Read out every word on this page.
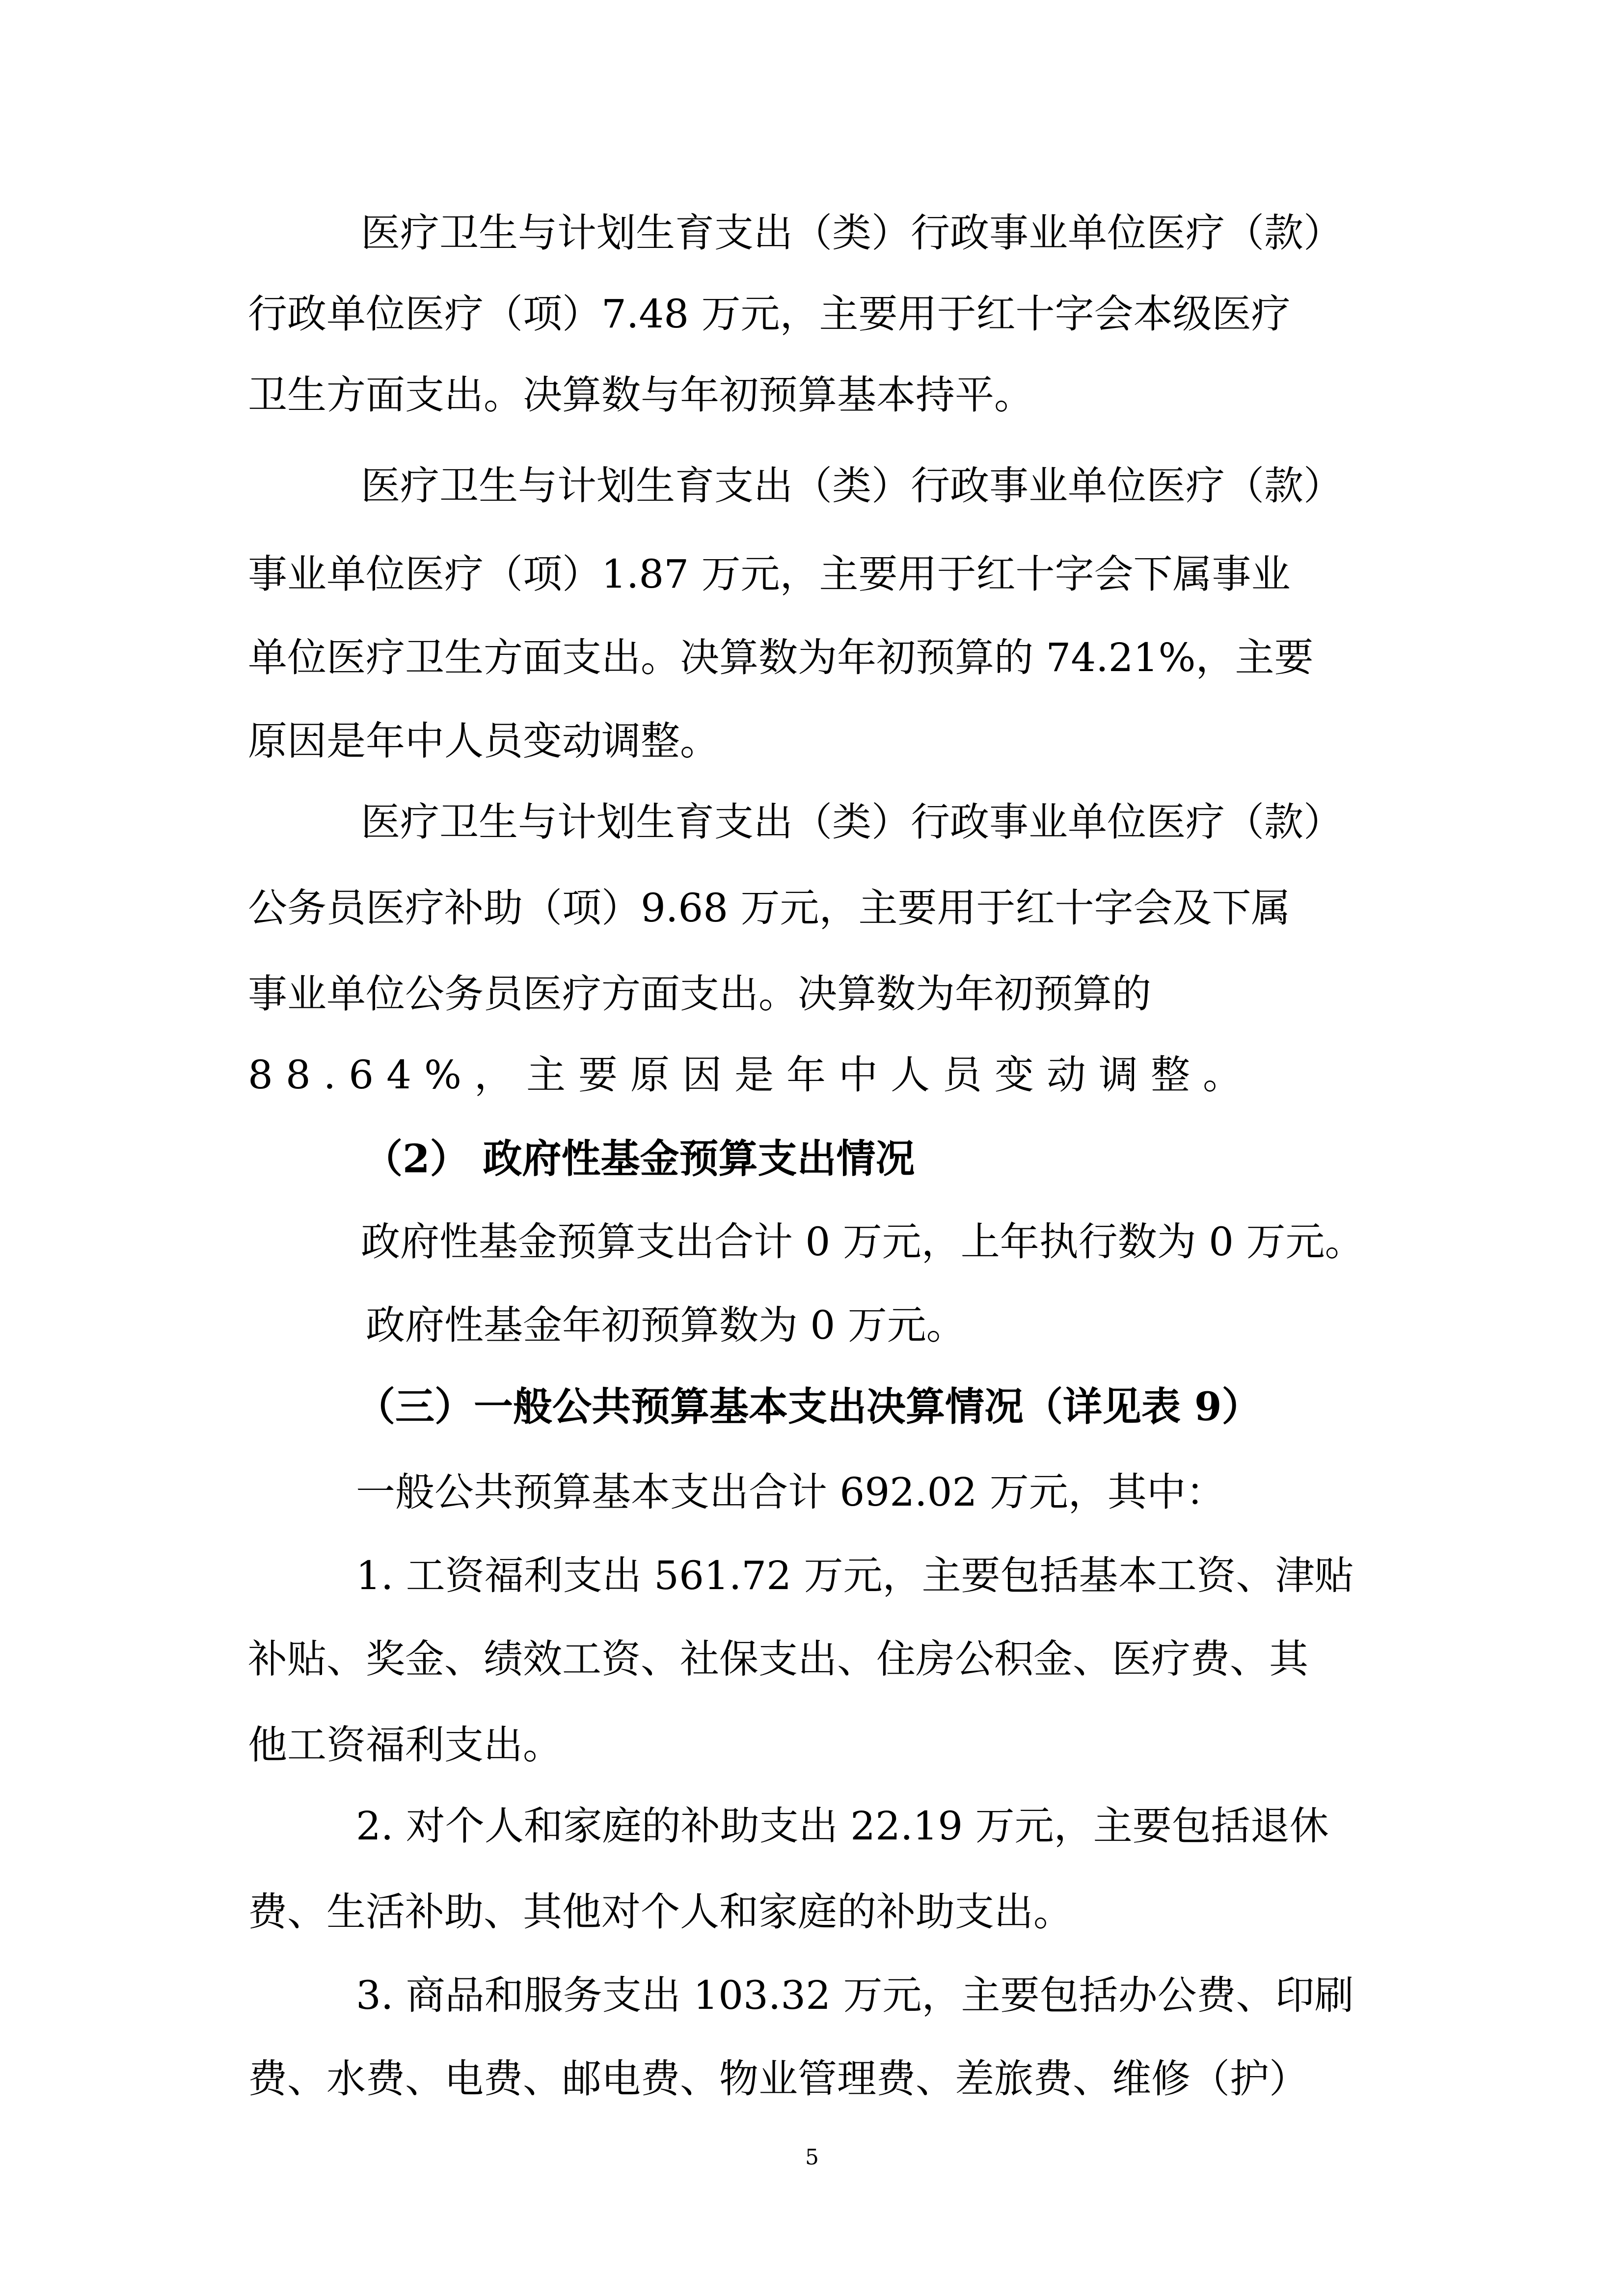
医疗卫生与计划生育支出（类）行政事业单位医疗（款）
行政单位医疗（项）7.48 万元，主要用于红十字会本级医疗
卫生方面支出。决算数与年初预算基本持平。
医疗卫生与计划生育支出（类）行政事业单位医疗（款）
事业单位医疗（项）1.87 万元，主要用于红十字会下属事业
单位医疗卫生方面支出。决算数为年初预算的 74.21%，主要
原因是年中人员变动调整。
医疗卫生与计划生育支出（类）行政事业单位医疗（款）
公务员医疗补助（项）9.68 万元，主要用于红十字会及下属
事业单位公务员医疗方面支出。决算数为年初预算的
88.64%，主要原因是年中人员变动调整。
（2） 政府性基金预算支出情况
政府性基金预算支出合计 0 万元，上年执行数为 0 万元。
政府性基金年初预算数为 0 万元。
（三）一般公共预算基本支出决算情况（详见表 9）
一般公共预算基本支出合计 692.02 万元，其中：
1. 工资福利支出 561.72 万元，主要包括基本工资、津贴
补贴、奖金、绩效工资、社保支出、住房公积金、医疗费、其
他工资福利支出。
2. 对个人和家庭的补助支出 22.19 万元，主要包括退休
费、生活补助、其他对个人和家庭的补助支出。
3. 商品和服务支出 103.32 万元，主要包括办公费、印刷
费、水费、电费、邮电费、物业管理费、差旅费、维修（护）
5
